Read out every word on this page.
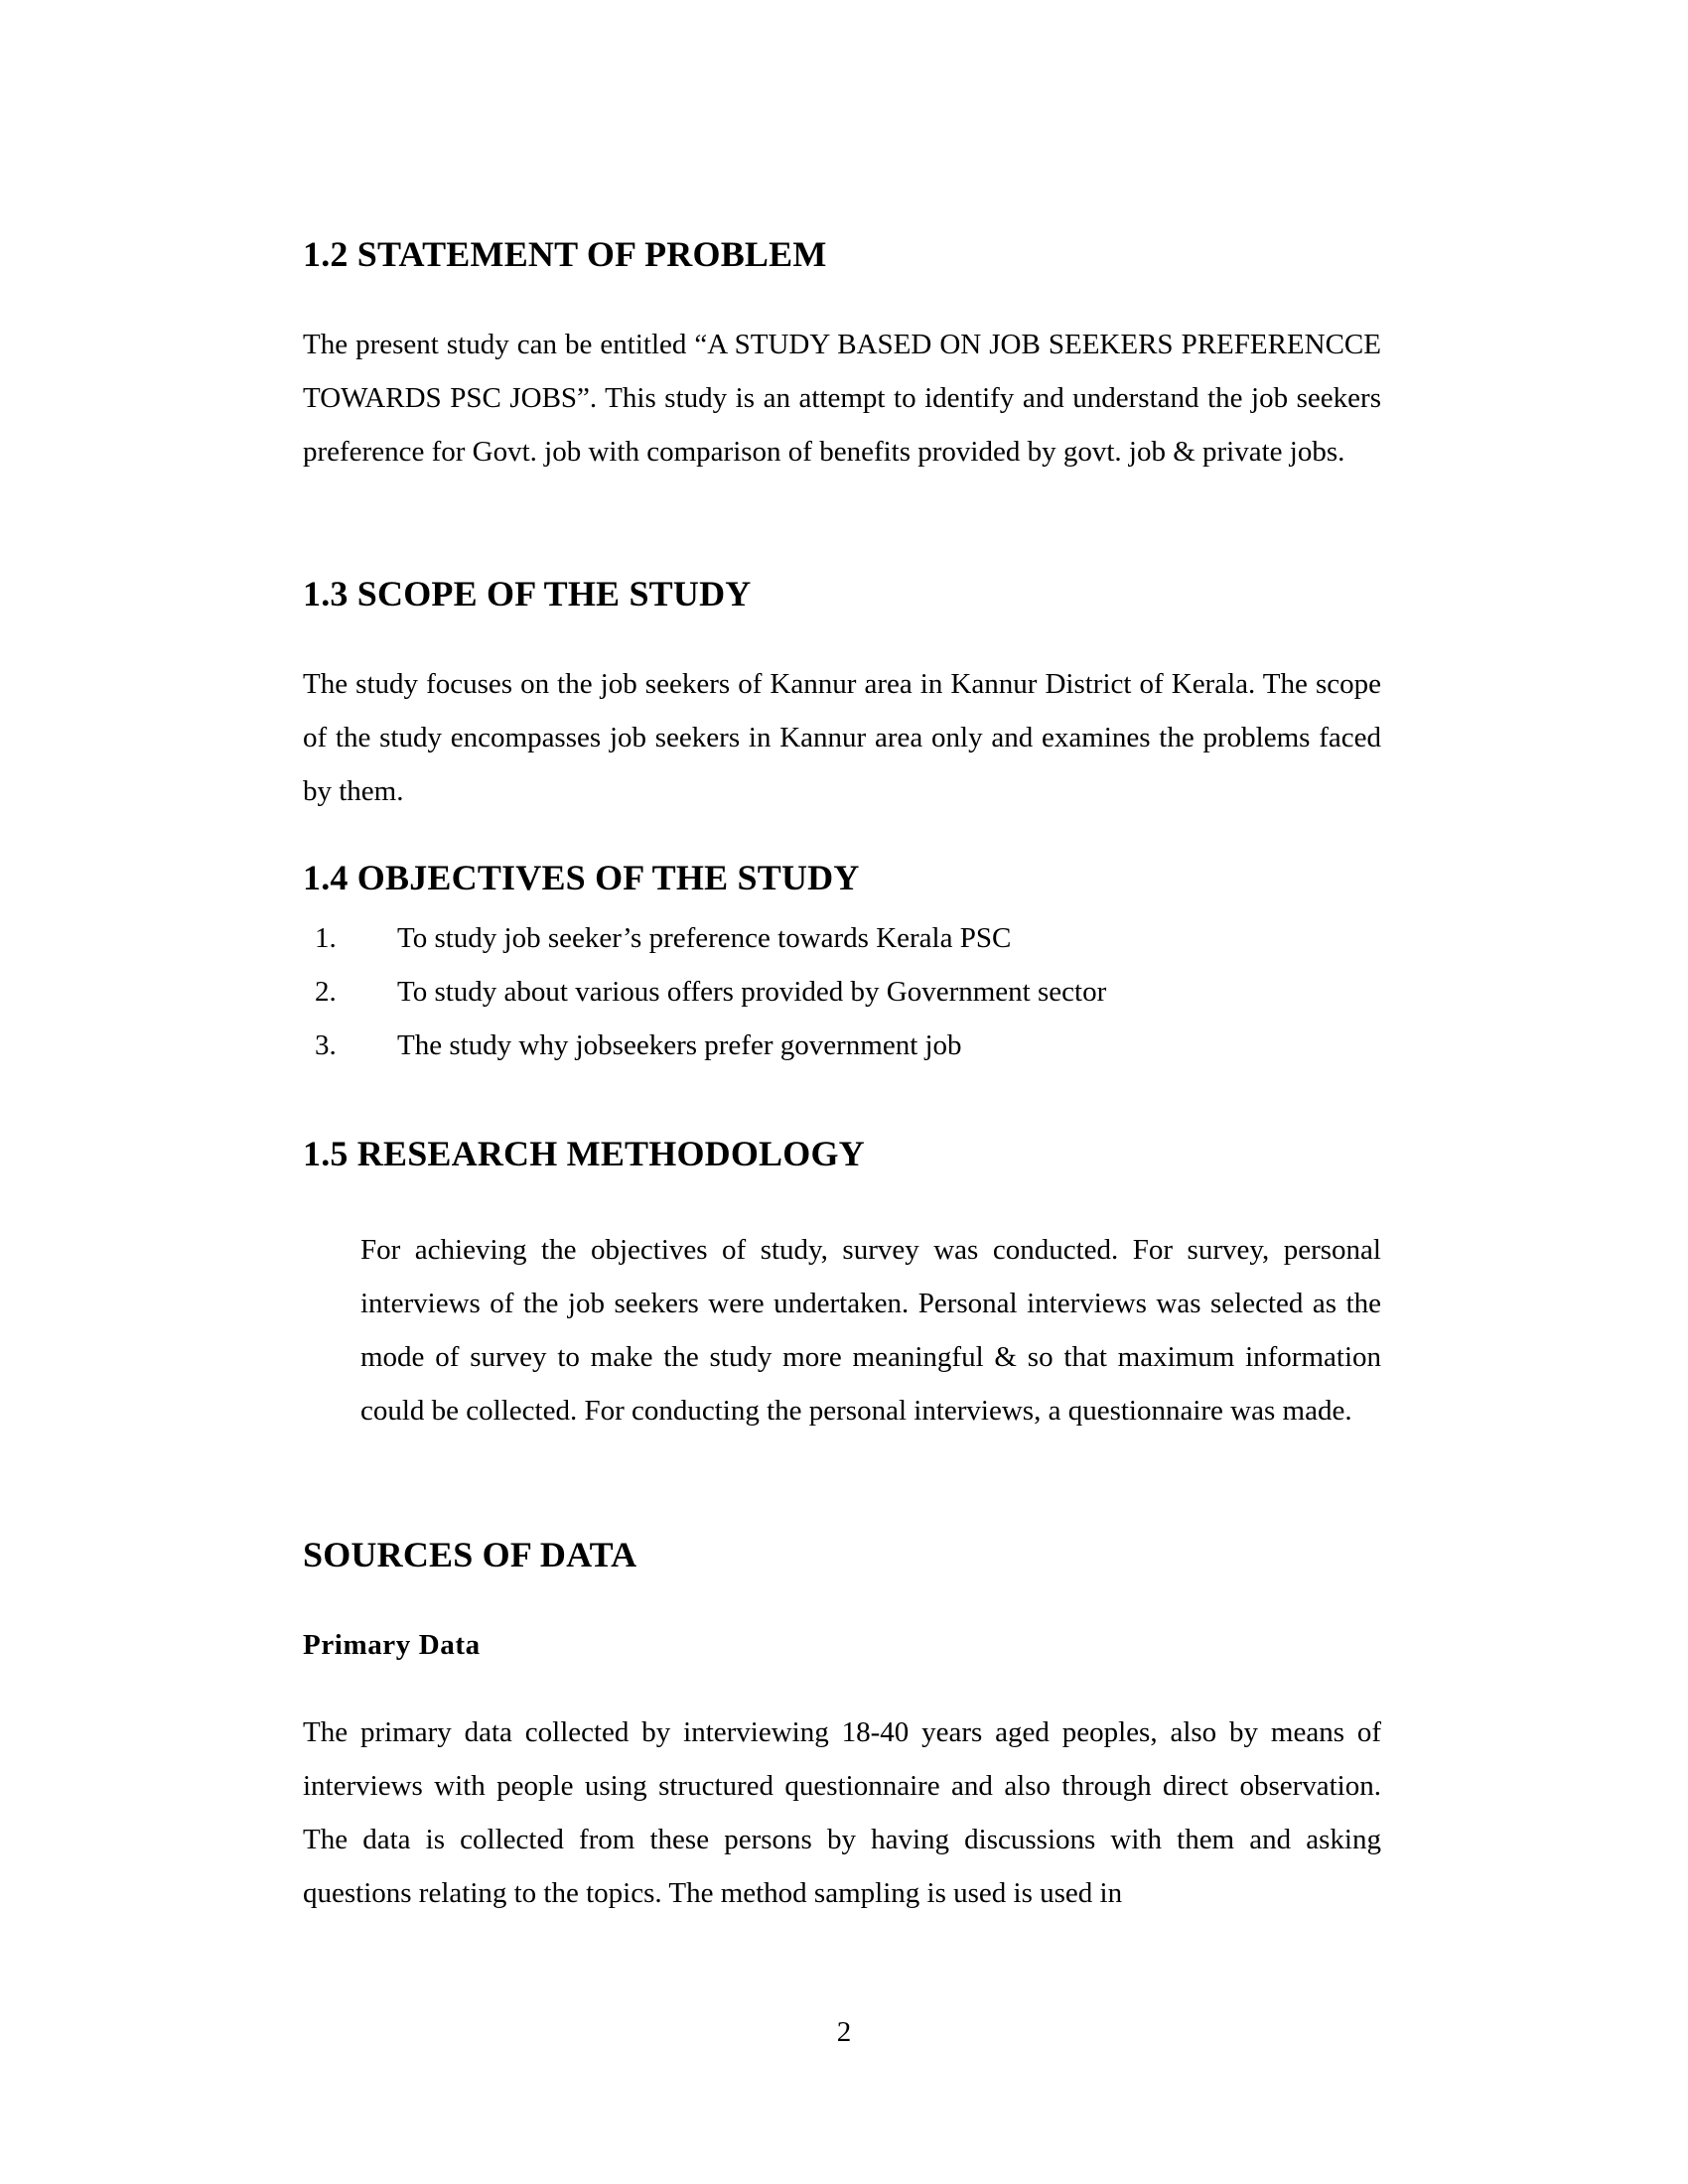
1.2 STATEMENT OF PROBLEM

The present study can be entitled “A STUDY BASED ON JOB SEEKERS PREFERENCCE TOWARDS PSC JOBS”. This study is an attempt to identify and understand the job seekers preference for Govt. job with comparison of benefits provided by govt. job & private jobs.

1.3 SCOPE OF THE STUDY

The study focuses on the job seekers of Kannur area in Kannur District of Kerala. The scope of the study encompasses job seekers in Kannur area only and examines the problems faced by them.

1.4 OBJECTIVES OF THE STUDY
1. To study job seeker’s preference towards Kerala PSC
2. To study about various offers provided by Government sector
3. The study why jobseekers prefer government job
1.5 RESEARCH METHODOLOGY

For achieving the objectives of study, survey was conducted. For survey, personal interviews of the job seekers were undertaken. Personal interviews was selected as the mode of survey to make the study more meaningful & so that maximum information could be collected. For conducting the personal interviews, a questionnaire was made.

SOURCES OF DATA
Primary Data

The primary data collected by interviewing 18-40 years aged peoples, also by means of interviews with people using structured questionnaire and also through direct observation. The data is collected from these persons by having discussions with them and asking questions relating to the topics. The method sampling is used is used in

2
